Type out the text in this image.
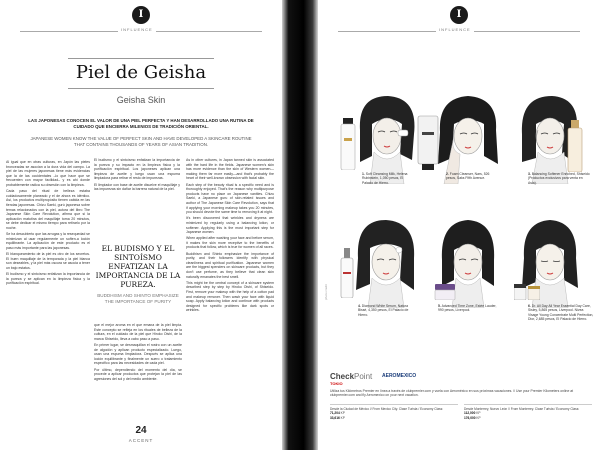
I
INFLUENCE
Piel de Geisha
Geisha Skin
LAS JAPONESAS CONOCEN EL VALOR DE UNA PIEL PERFECTA Y HAN DESARROLLADO UNA RUTINA DE CUIDADO QUE ENCIERRA MILENIOS DE TRADICIÓN ORIENTAL.
JAPANESE WOMEN KNOW THE VALUE OF PERFECT SKIN AND HAVE DEVELOPED A SKINCARE ROUTINE THAT CONTAINS THOUSANDS OF YEARS OF ASIAN TRADITION.

Al igual que en otras culturas, en Japón las pieles bronceadas se asocian a la dura vida del campo. La piel de las mujeres japonesas tiene más evidencias que la de las occidentales –lo que hace que se frecuenten con mayor facilidad– y es ahí donde probablemente radica su obsesión con la limpieza.

Cada paso del ritual de belleza estaba cuidadosamente planeado y el de ahora es idéntico. Así, los productos multipropósito tienen cabida en las tiendas japonesas. Chizu Saeki, gurú japonesa sobre temas relacionados con la piel, autora del libro The Japanese Skin Care Revolution, afirma que si la aplicación matutina del maquillaje toma 20 minutos, se debe dedicar el mismo tiempo para retirarlo por la noche.

Se ha descubierto que las arrugas y la resequedad se minimizan al usar regularmente un soften-a loción equilibrante. La aplicación de este producto es el paso más importante para las japonesas.

El blanqueamiento de la piel es otro de los secretos. El buen maquillaje de la temporada y la piel blanca son deseables, y la piel más oscura se asocia a tener un bajo estatus.

El budismo y el sintoísmo enfatizan la importancia de la pureza y se aplican en la limpieza física y la purificación espiritual.

El budismo y el sintoísmo enfatizan la importancia de la pureza y su impacto en la limpieza física y la purificación espiritual. Los japoneses aplican una limpieza de aceite y luego usan una espuma limpiadora para retirar el resto de impurezas.

El limpiador con base de aceite disuelve el maquillaje y las impurezas sin dañar la barrera natural de la piel.

EL BUDISMO Y EL SINTOÍSMO ENFATIZAN LA IMPORTANCIA DE LA PUREZA.
BUDDHISM AND SHINTO EMPHASIZE THE IMPORTANCE OF PURITY

que el mejor aroma en el que emana de la piel limpia. Este concepto se refleja en los rituales de belleza de la cultura, en el cuidado de la piel que Hiroko Oishi, de la marca Shiseido, lleva a cabo paso a paso.

En primer lugar, se desmaquillan el rostro con un aceite de algodón y aplican producto especializado. Luego, usan una espuma limpiadora. Después se aplica una loción equilibrante y finalmente un suero o tratamiento específico para las necesidades de cada piel.

Por último, dependiendo del momento del día, se procede a aplicar productos que protejan la piel de las agresiones del sol y del medio ambiente.

As in other cultures, in Japan tanned skin is associated with the hard life in the fields. Japanese women's skin has more evidence than the skin of Western women—making them far more easily—and that's probably the heart of their well-known obsession with facial skin.

Each step of the beauty ritual is a specific need and is thoroughly enjoyed. That's the reason why multipurpose products have no place on Japanese vanities. Chizu Saeki, a Japanese guru of skin-related issues and author of The Japanese Skin Care Revolution, says that if applying your morning makeup takes you 20 minutes, you should devote the same time to removing it at night.

It's been discovered that wrinkles and dryness are minimized by regularly using a balancing lotion, or softener. Applying this is the most important step for Japanese women.

When applied after washing your face and before serum, it makes the skin more receptive to the benefits of products that follow, which is true for women of all races.

Buddhism and Shinto emphasize the importance of purity, and their followers identify with physical cleanliness and spiritual purification. Japanese women are the biggest spenders on skincare products, but they don't use perfume, as they believe that clean skin naturally emanates the best smell.

This might be the central concept of a skincare system described step by step by Hiroko Oishi, of Shiseido. First, remove your makeup with the help of a cotton pad and makeup remover. Then wash your face with liquid soap. Apply balancing lotion and continue with products designed for specific problems like dark spots or wrinkles.

24
ACCENT
I
INFLUENCE
photo credit
1. Soft Cleansing Milk, Helena Rubinstein, 1,050 pesos, El Palacio de Hierro.
2. Foam Cleanser, Nars, 526 pesos, Saks Fifth Avenue.
3. Balancing Softener Enriched, Shiseido (Productos exclusivos para venta en Asia).
4. Diamond White Serum, Natura Bissé, 4,350 pesos, El Palacio de Hierro.
5. Advanced Time Zone, Estée Lauder, 990 pesos, Liverpool.
6. Dr. All Day All Year Essential Day Care, Sisley, 5,865 pesos, Liverpool. Nivea Visage Young Concentrate Multi Perfection, Dior, 2,685 pesos, El Palacio de Hierro.
CheckPoint
TOKIO
AEROMEXICO
Utiliza tus Kilómetros Premier en línea a través de clubpremier.com y vuela con Aeroméxico en sus próximas vacaciones. // Use your Premier Kilometers online at clubpremier.com and fly Aeromexico on your next vacation.
Desde la Ciudad de México // From Mexico City. Clase Turista / Economy Class:
71,204 KP
33,616 KP
Desde Monterrey, Nuevo León // From Monterrey. Clase Turista / Economy Class:
112,000 KP
176,000 KP
